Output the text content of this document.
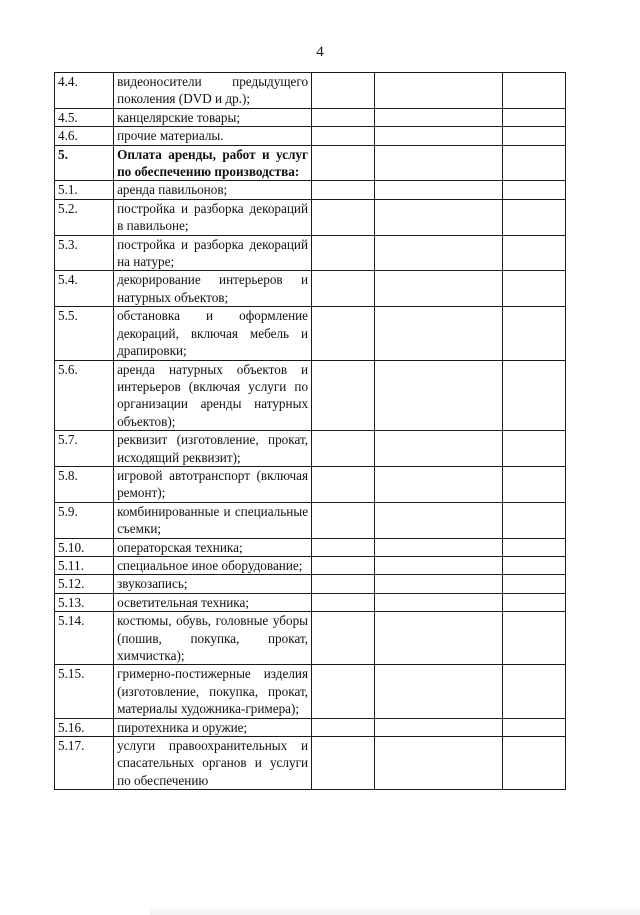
4
4.4.	видеоносители предыдущего поколения (DVD и др.);			
4.5.	канцелярские товары;			
4.6.	прочие материалы.			
5.	Оплата аренды, работ и услуг по обеспечению производства:			
5.1.	аренда павильонов;			
5.2.	постройка и разборка декораций в павильоне;			
5.3.	постройка и разборка декораций на натуре;			
5.4.	декорирование интерьеров и натурных объектов;			
5.5.	обстановка и оформление декораций, включая мебель и драпировки;			
5.6.	аренда натурных объектов и интерьеров (включая услуги по организации аренды натурных объектов);			
5.7.	реквизит (изготовление, прокат, исходящий реквизит);			
5.8.	игровой автотранспорт (включая ремонт);			
5.9.	комбинированные и специальные съемки;			
5.10.	операторская техника;			
5.11.	специальное иное оборудование;			
5.12.	звукозапись;			
5.13.	осветительная техника;			
5.14.	костюмы, обувь, головные уборы (пошив, покупка, прокат, химчистка);			
5.15.	гримерно-постижерные изделия (изготовление, покупка, прокат, материалы художника-гримера);			
5.16.	пиротехника и оружие;			
5.17.	услуги правоохранительных и спасательных органов и услуги по обеспечению			
